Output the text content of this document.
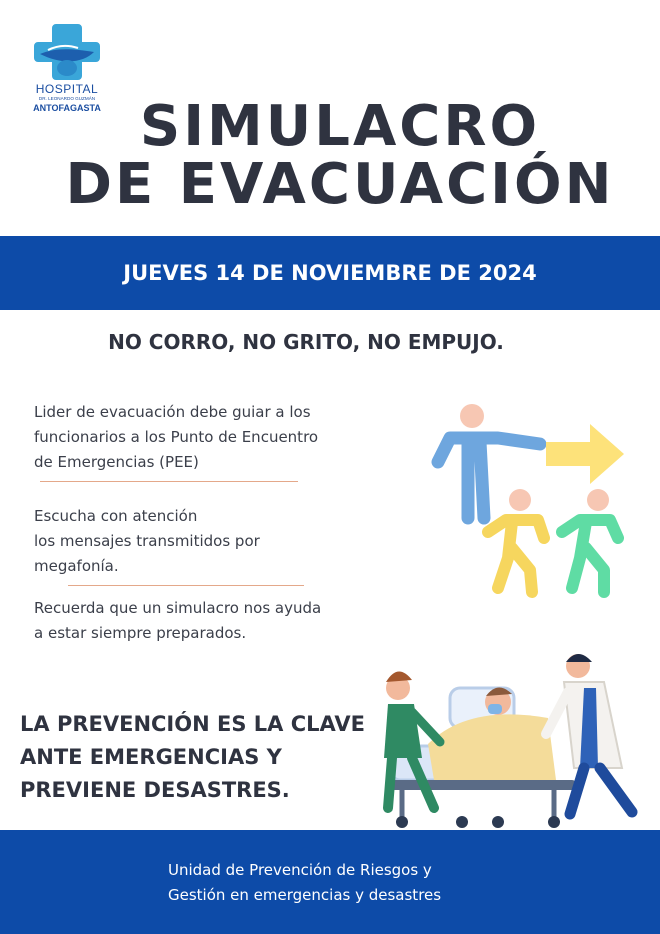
HOSPITAL
DR. LEONARDO GUZMÁN
ANTOFAGASTA SIMULACRO
DE EVACUACIÓN
JUEVES 14 DE NOVIEMBRE DE 2024
NO CORRO, NO GRITO, NO EMPUJO.
Lider de evacuación debe guiar a los
funcionarios a los Punto de Encuentro
de Emergencias (PEE)
Escucha con atención
los mensajes transmitidos por
megafonía.
Recuerda que un simulacro nos ayuda
a estar siempre preparados.
LA PREVENCIÓN ES LA CLAVE
ANTE EMERGENCIAS Y
PREVIENE DESASTRES.
Unidad de Prevención de Riesgos y
Gestión en emergencias y desastres
